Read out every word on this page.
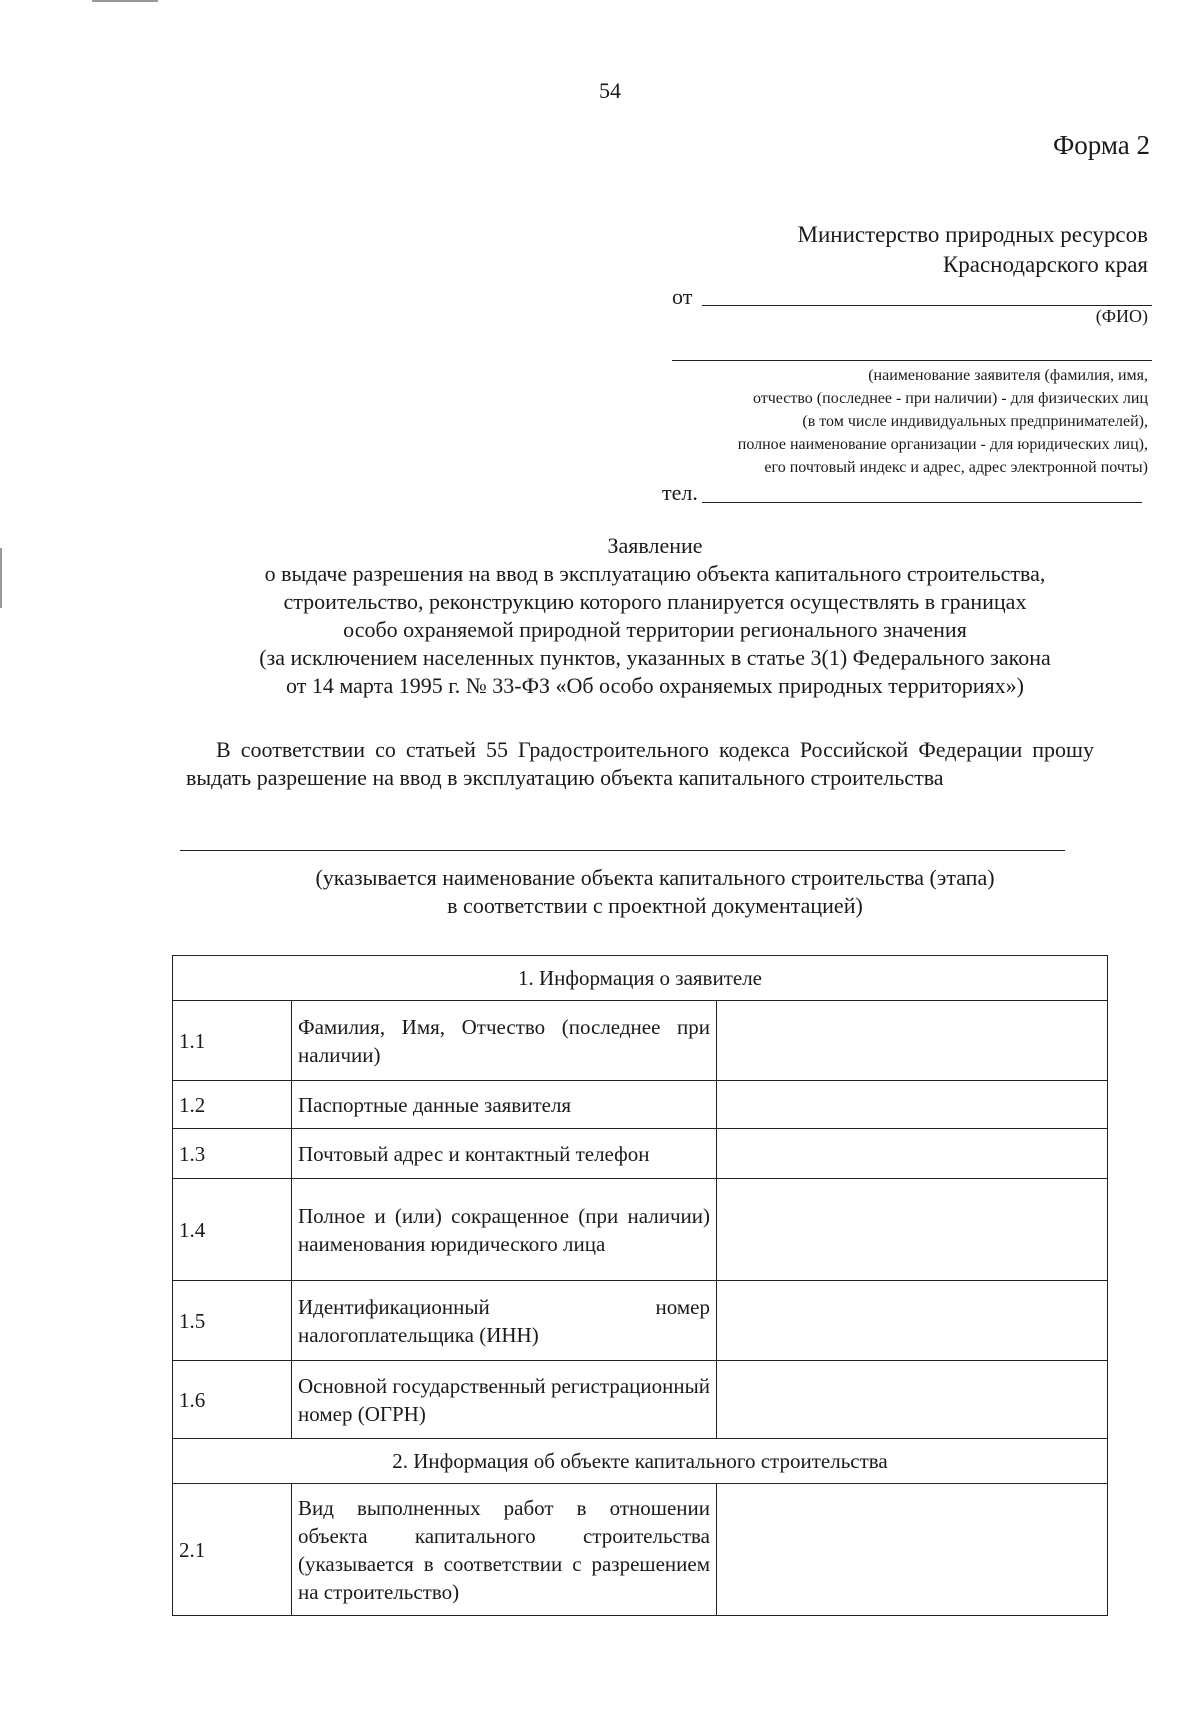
54
Форма 2
Министерство природных ресурсов
Краснодарского края
от
(ФИО)
(наименование заявителя (фамилия, имя,
отчество (последнее - при наличии) - для физических лиц
(в том числе индивидуальных предпринимателей),
полное наименование организации - для юридических лиц),
его почтовый индекс и адрес, адрес электронной почты)
тел.
Заявление
о выдаче разрешения на ввод в эксплуатацию объекта капитального строительства,
строительство, реконструкцию которого планируется осуществлять в границах
особо охраняемой природной территории регионального значения
(за исключением населенных пунктов, указанных в статье 3(1) Федерального закона
от 14 марта 1995 г. № 33-ФЗ «Об особо охраняемых природных территориях»)
В соответствии со статьей 55 Градостроительного кодекса Российской Федерации прошу выдать разрешение на ввод в эксплуатацию объекта капитального строительства
(указывается наименование объекта капитального строительства (этапа)
в соответствии с проектной документацией)
1. Информация о заявителе		
1.1	Фамилия, Имя, Отчество (последнее при наличии)	
1.2	Паспортные данные заявителя	
1.3	Почтовый адрес и контактный телефон	
1.4	Полное и (или) сокращенное (при наличии) наименования юридического лица	
1.5	Идентификационный номер налогоплательщика (ИНН)	
1.6	Основной государственный регистрационный номер (ОГРН)	
2. Информация об объекте капитального строительства		
2.1	Вид выполненных работ в отношении объекта капитального строительства (указывается в соответствии с разрешением на строительство)	
